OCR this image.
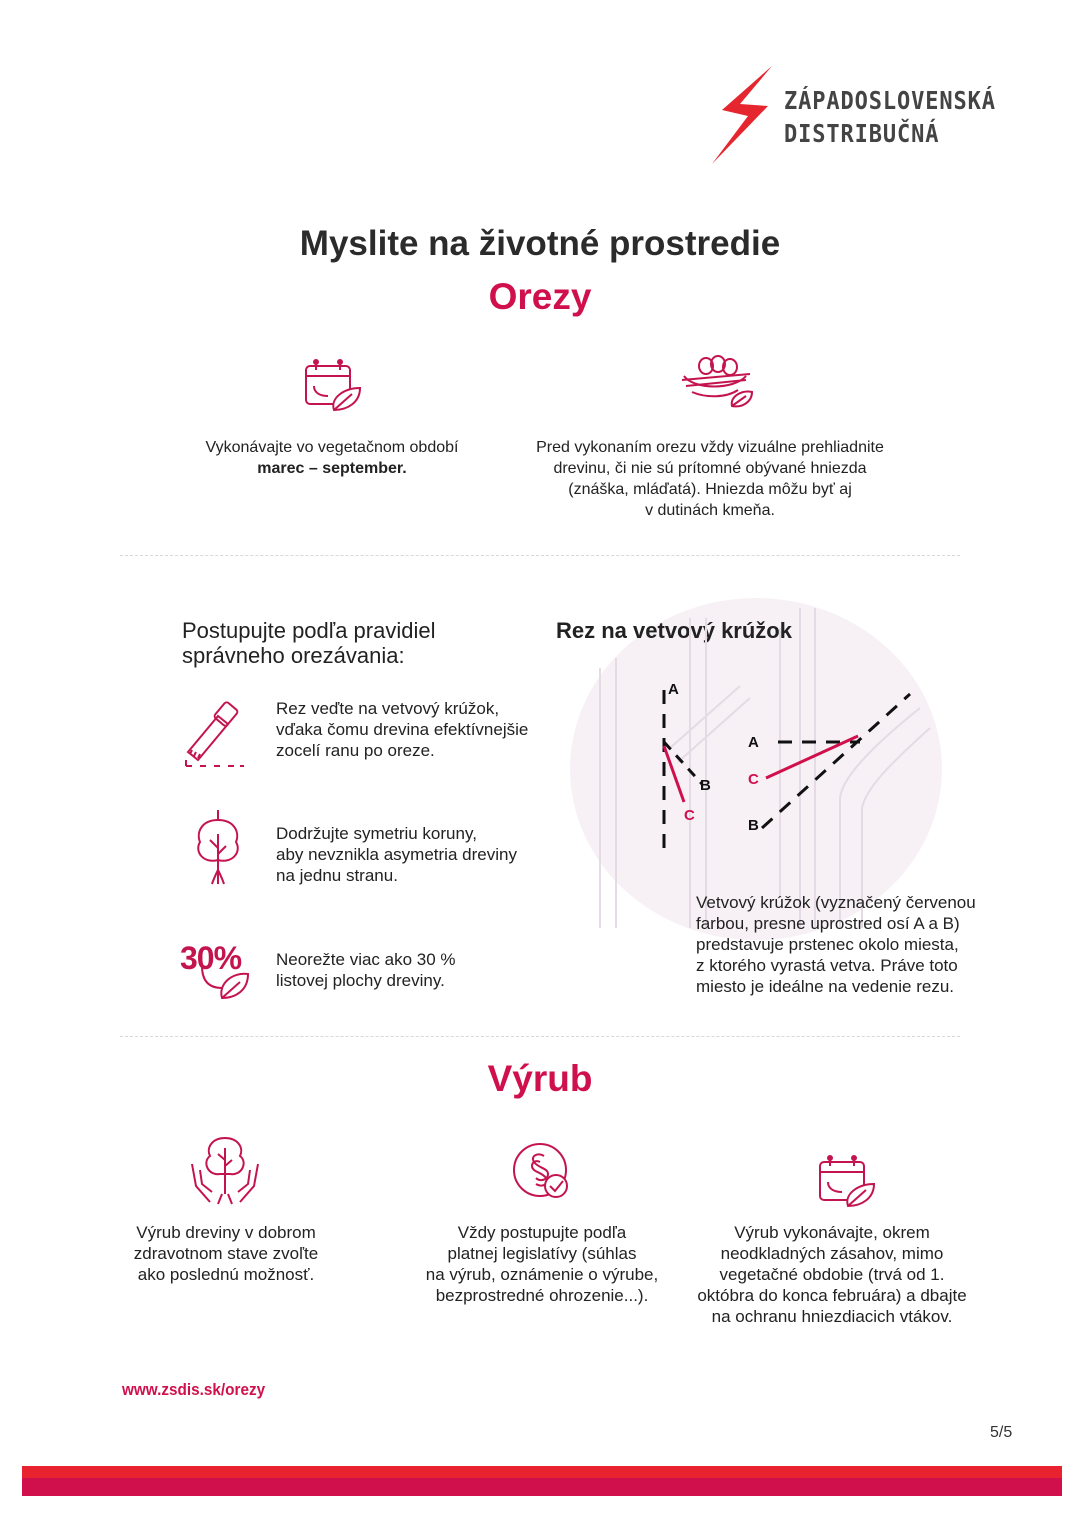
ZÁPADOSLOVENSKÁ
DISTRIBUČNÁ
Myslite na životné prostredie
Orezy
Vykonávajte vo vegetačnom období
marec – september.
Pred vykonaním orezu vždy vizuálne prehliadnite
drevinu, či nie sú prítomné obývané hniezda
(znáška, mláďatá). Hniezda môžu byť aj
v dutinách kmeňa.
Postupujte podľa pravidiel
správneho orezávania:
Rez na vetvový krúžok
Rez veďte na vetvový krúžok,
vďaka čomu drevina efektívnejšie
zocelí ranu po oreze.
Dodržujte symetriu koruny,
aby nevznikla asymetria dreviny
na jednu stranu.
30% Neorežte viac ako 30 %
listovej plochy dreviny.
A
B
C
A
C
B
Vetvový krúžok (vyznačený červenou
farbou, presne uprostred osí A a B)
predstavuje prstenec okolo miesta,
z ktorého vyrastá vetva. Práve toto
miesto je ideálne na vedenie rezu.
Výrub
Výrub dreviny v dobrom
zdravotnom stave zvoľte
ako poslednú možnosť.
Vždy postupujte podľa
platnej legislatívy (súhlas
na výrub, oznámenie o výrube,
bezprostredné ohrozenie...).
Výrub vykonávajte, okrem
neodkladných zásahov, mimo
vegetačné obdobie (trvá od 1.
októbra do konca februára) a dbajte
na ochranu hniezdiacich vtákov.
www.zsdis.sk/orezy
5/5
